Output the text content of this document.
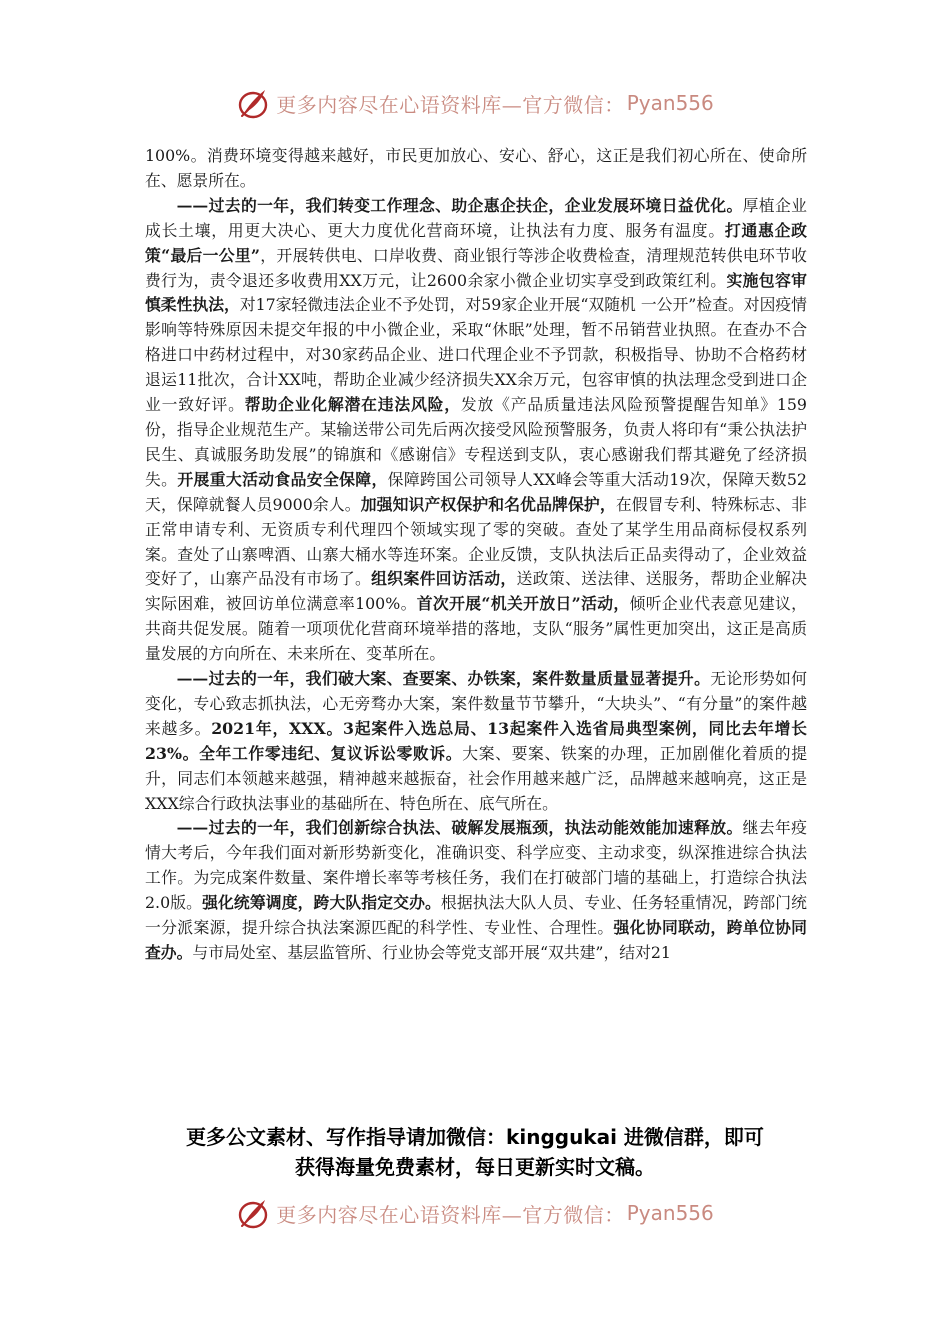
更多内容尽在心语资料库—官方微信： Pyan556

100%。消费环境变得越来越好，市民更加放心、安心、舒心，这正是我们初心所在、使命所在、愿景所在。

——过去的一年，我们转变工作理念、助企惠企扶企，企业发展环境日益优化。厚植企业成长土壤，用更大决心、更大力度优化营商环境，让执法有力度、服务有温度。打通惠企政策“最后一公里”，开展转供电、口岸收费、商业银行等涉企收费检查，清理规范转供电环节收费行为，责令退还多收费用XX万元，让2600余家小微企业切实享受到政策红利。实施包容审慎柔性执法，对17家轻微违法企业不予处罚，对59家企业开展“双随机 一公开”检查。对因疫情影响等特殊原因未提交年报的中小微企业，采取“休眠”处理，暂不吊销营业执照。在查办不合格进口中药材过程中，对30家药品企业、进口代理企业不予罚款，积极指导、协助不合格药材退运11批次，合计XX吨，帮助企业减少经济损失XX余万元，包容审慎的执法理念受到进口企业一致好评。帮助企业化解潜在违法风险，发放《产品质量违法风险预警提醒告知单》159份，指导企业规范生产。某输送带公司先后两次接受风险预警服务，负责人将印有“秉公执法护民生、真诚服务助发展”的锦旗和《感谢信》专程送到支队，衷心感谢我们帮其避免了经济损失。开展重大活动食品安全保障，保障跨国公司领导人XX峰会等重大活动19次，保障天数52天，保障就餐人员9000余人。加强知识产权保护和名优品牌保护，在假冒专利、特殊标志、非正常申请专利、无资质专利代理四个领域实现了零的突破。查处了某学生用品商标侵权系列案。查处了山寨啤酒、山寨大桶水等连环案。企业反馈，支队执法后正品卖得动了，企业效益变好了，山寨产品没有市场了。组织案件回访活动，送政策、送法律、送服务，帮助企业解决实际困难，被回访单位满意率100%。首次开展“机关开放日”活动，倾听企业代表意见建议，共商共促发展。随着一项项优化营商环境举措的落地，支队“服务”属性更加突出，这正是高质量发展的方向所在、未来所在、变革所在。

——过去的一年，我们破大案、查要案、办铁案，案件数量质量显著提升。无论形势如何变化，专心致志抓执法，心无旁骛办大案，案件数量节节攀升，“大块头”、“有分量”的案件越来越多。2021年，XXX。3起案件入选总局、13起案件入选省局典型案例，同比去年增长23%。全年工作零违纪、复议诉讼零败诉。大案、要案、铁案的办理，正加剧催化着质的提升，同志们本领越来越强，精神越来越振奋，社会作用越来越广泛，品牌越来越响亮，这正是XXX综合行政执法事业的基础所在、特色所在、底气所在。

——过去的一年，我们创新综合执法、破解发展瓶颈，执法动能效能加速释放。继去年疫情大考后，今年我们面对新形势新变化，准确识变、科学应变、主动求变，纵深推进综合执法工作。为完成案件数量、案件增长率等考核任务，我们在打破部门墙的基础上，打造综合执法2.0版。强化统筹调度，跨大队指定交办。根据执法大队人员、专业、任务轻重情况，跨部门统一分派案源，提升综合执法案源匹配的科学性、专业性、合理性。强化协同联动，跨单位协同查办。与市局处室、基层监管所、行业协会等党支部开展“双共建”，结对21

更多公文素材、写作指导请加微信：kinggukai 进微信群，即可
获得海量免费素材，每日更新实时文稿。
更多内容尽在心语资料库—官方微信： Pyan556
